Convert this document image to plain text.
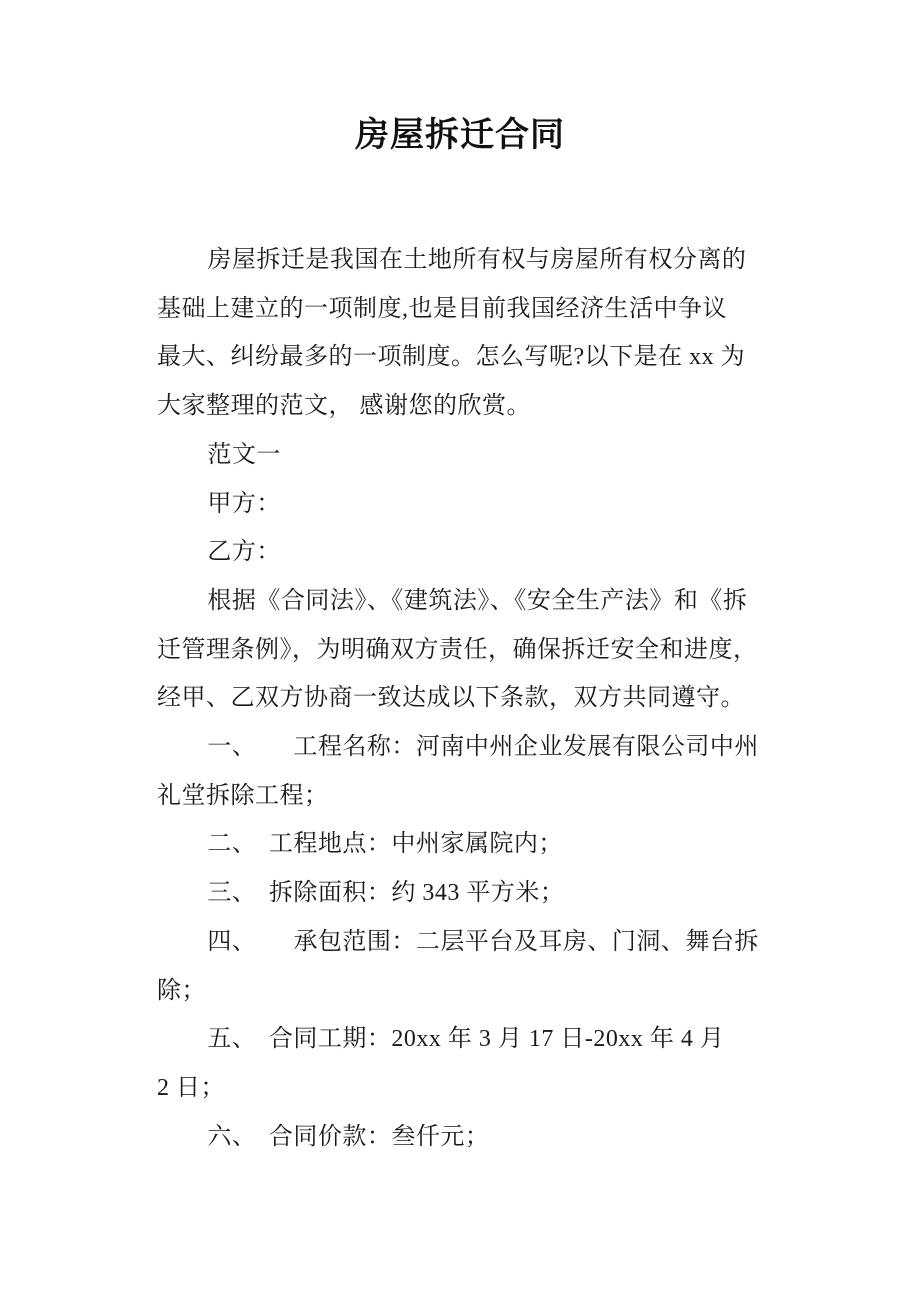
房屋拆迁合同

房屋拆迁是我国在土地所有权与房屋所有权分离的
基础上建立的一项制度,也是目前我国经济生活中争议
最大、纠纷最多的一项制度。怎么写呢?以下是在 xx 为
大家整理的范文， 感谢您的欣赏。

范文一

甲方：

乙方：

根据《合同法》、《建筑法》、《安全生产法》和《拆
迁管理条例》，为明确双方责任，确保拆迁安全和进度，
经甲、乙双方协商一致达成以下条款，双方共同遵守。

一、　　工程名称：河南中州企业发展有限公司中州
礼堂拆除工程；

二、　工程地点：中州家属院内；

三、　拆除面积：约 343 平方米；

四、　　承包范围：二层平台及耳房、门洞、舞台拆
除；

五、　合同工期：20xx 年 3 月 17 日-20xx 年 4 月
2 日；

六、　合同价款：叁仟元；
